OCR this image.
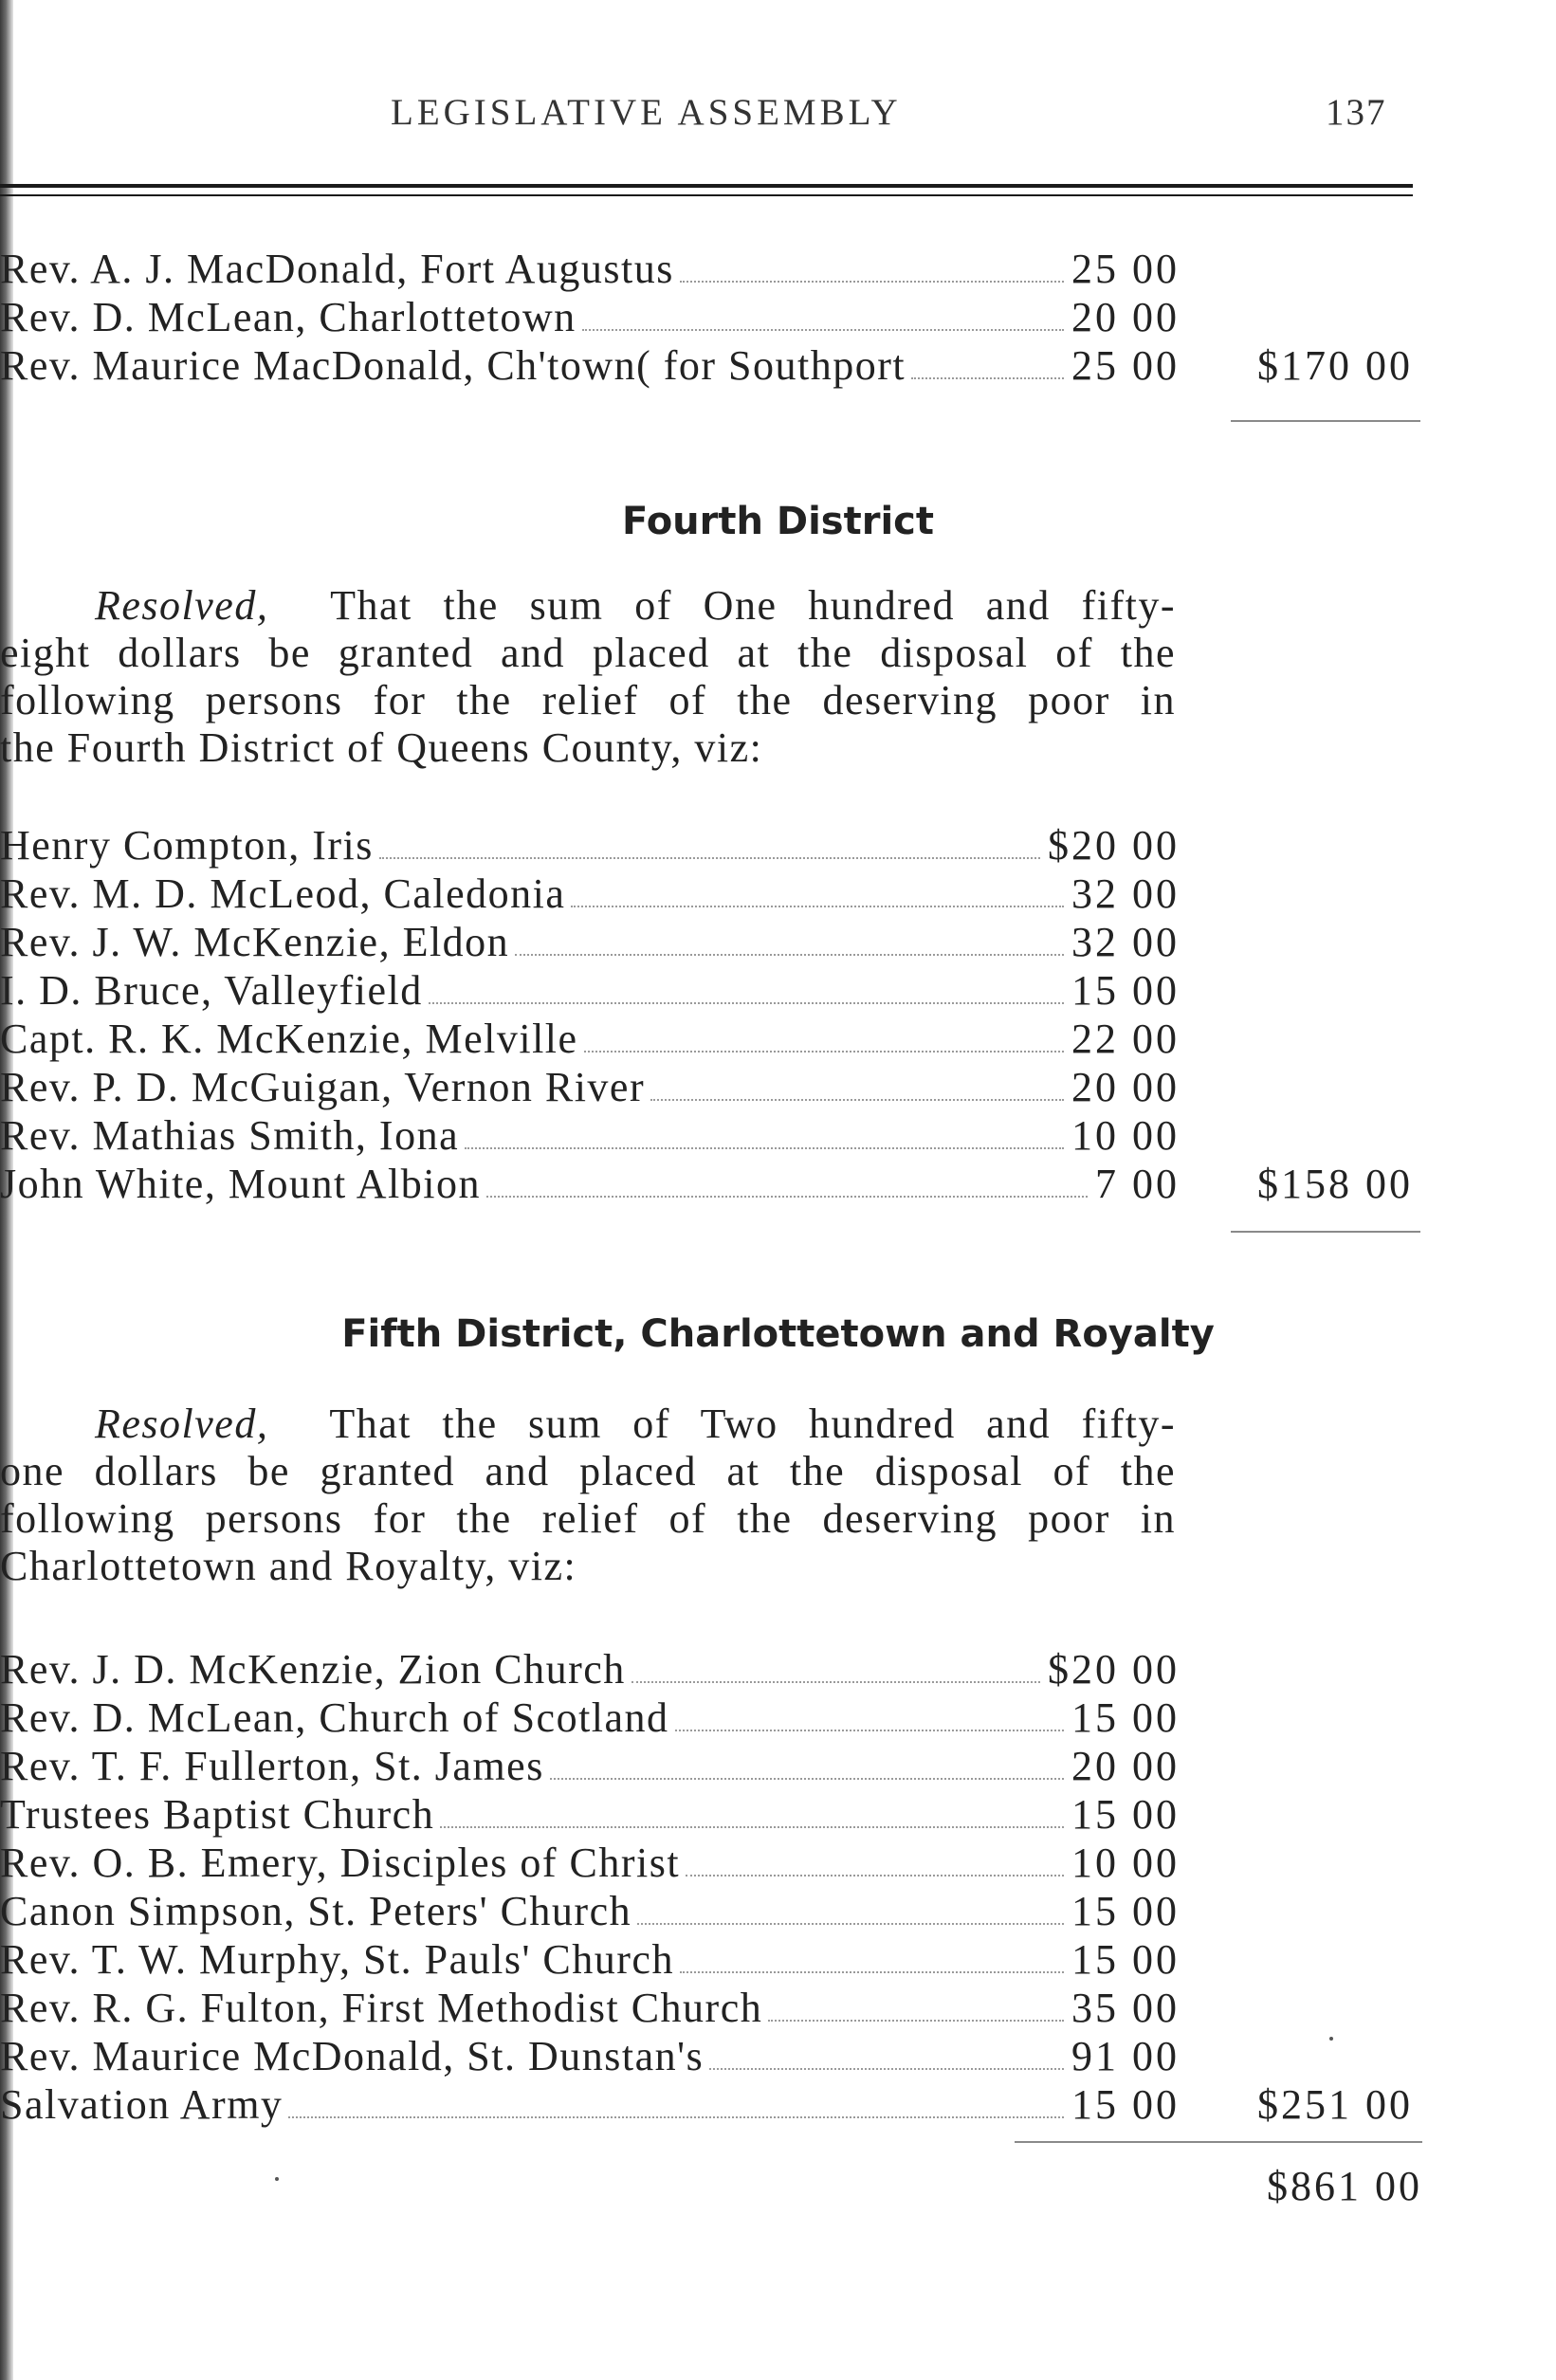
LEGISLATIVE ASSEMBLY	137
Rev. A. J. MacDonald, Fort Augustus	25 00
Rev. D. McLean, Charlottetown	20 00
Rev. Maurice MacDonald, Ch'town( for Southport	25 00	$170 00
Fourth District
Resolved, That the sum of One hundred and fifty-
eight dollars be granted and placed at the disposal of the
following persons for the relief of the deserving poor in
the Fourth District of Queens County, viz:
Henry Compton, Iris	$20 00
Rev. M. D. McLeod, Caledonia	32 00
Rev. J. W. McKenzie, Eldon	32 00
I. D. Bruce, Valleyfield	15 00
Capt. R. K. McKenzie, Melville	22 00
Rev. P. D. McGuigan, Vernon River	20 00
Rev. Mathias Smith, Iona	10 00
John White, Mount Albion	7 00	$158 00
Fifth District, Charlottetown and Royalty
Resolved, That the sum of Two hundred and fifty-
one dollars be granted and placed at the disposal of the
following persons for the relief of the deserving poor in
Charlottetown and Royalty, viz:
Rev. J. D. McKenzie, Zion Church	$20 00
Rev. D. McLean, Church of Scotland	15 00
Rev. T. F. Fullerton, St. James	20 00
Trustees Baptist Church	15 00
Rev. O. B. Emery, Disciples of Christ	10 00
Canon Simpson, St. Peters' Church	15 00
Rev. T. W. Murphy, St. Pauls' Church	15 00
Rev. R. G. Fulton, First Methodist Church	35 00
Rev. Maurice McDonald, St. Dunstan's	91 00
Salvation Army	15 00	$251 00
$861 00
